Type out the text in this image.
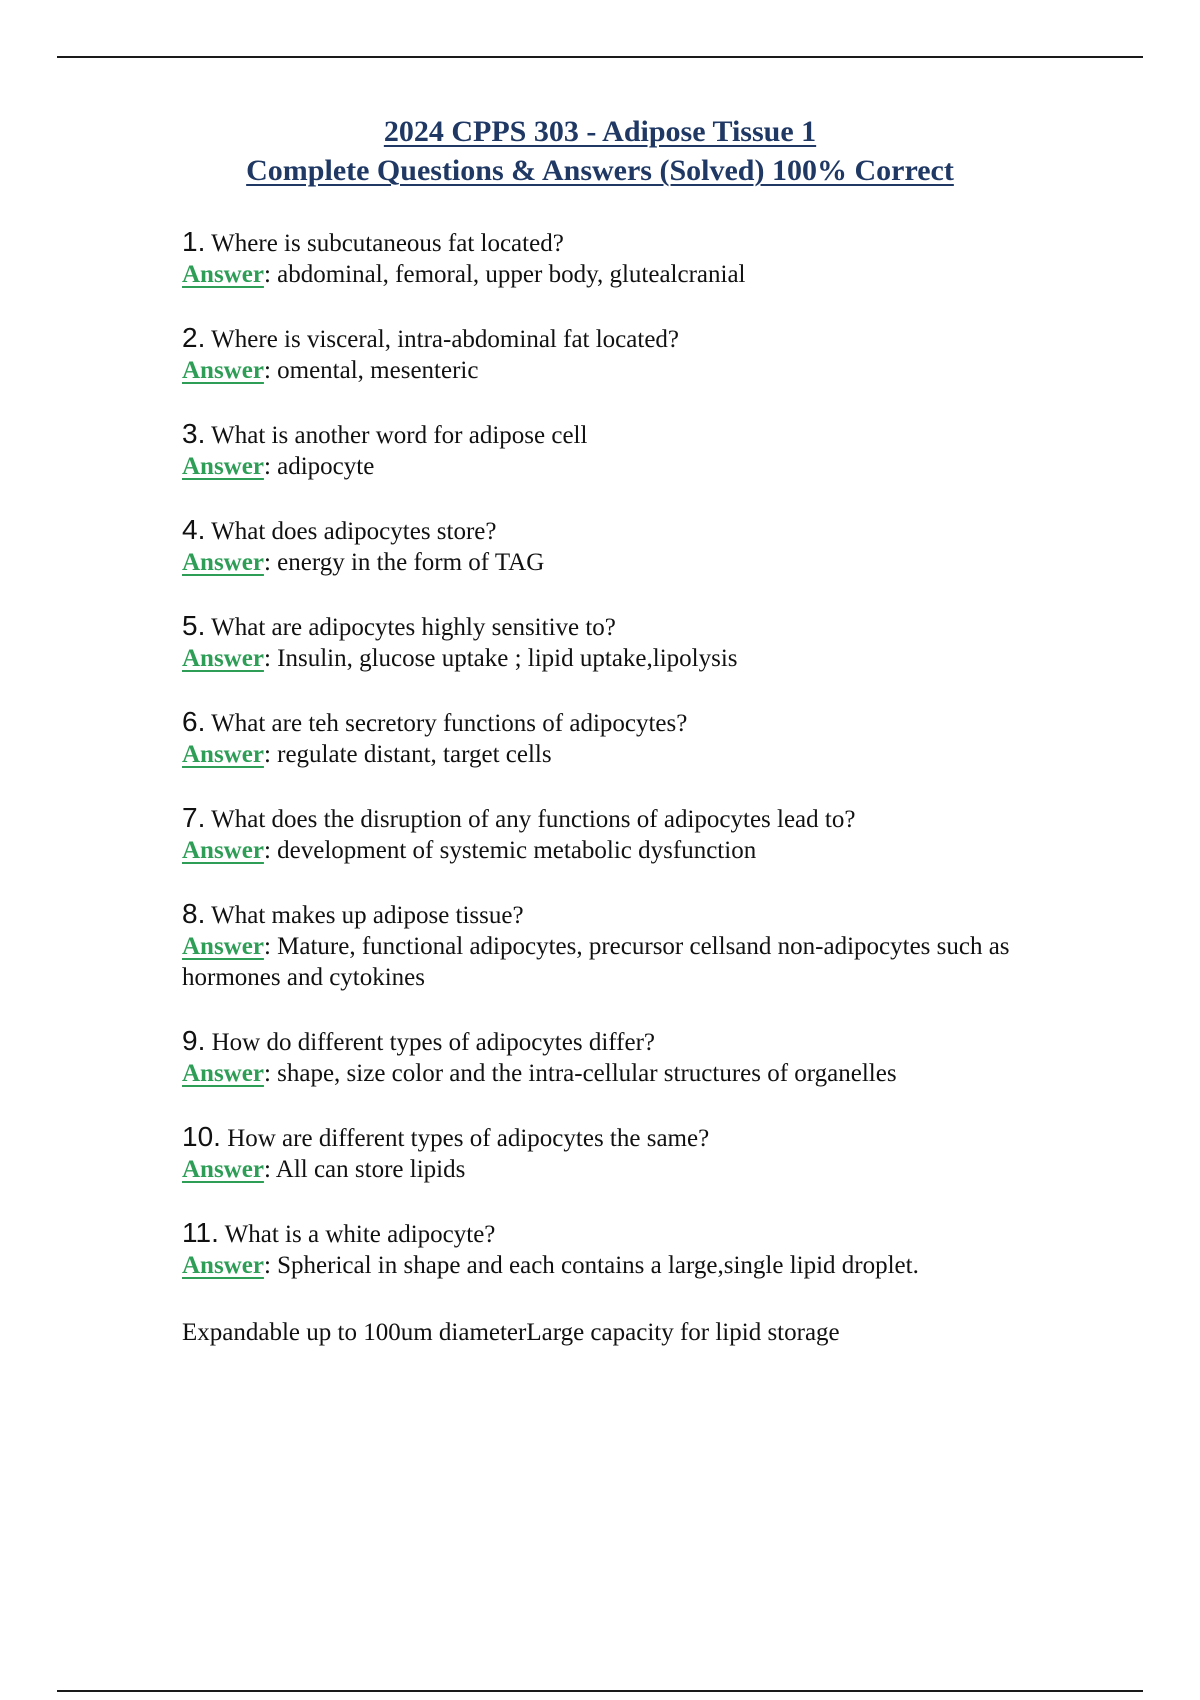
2024 CPPS 303 - Adipose Tissue 1
Complete Questions & Answers (Solved) 100% Correct
1. Where is subcutaneous fat located?
Answer: abdominal, femoral, upper body, glutealcranial
2. Where is visceral, intra-abdominal fat located?
Answer: omental, mesenteric
3. What is another word for adipose cell
Answer: adipocyte
4. What does adipocytes store?
Answer: energy in the form of TAG
5. What are adipocytes highly sensitive to?
Answer: Insulin, glucose uptake ; lipid uptake,lipolysis
6. What are teh secretory functions of adipocytes?
Answer: regulate distant, target cells
7. What does the disruption of any functions of adipocytes lead to?
Answer: development of systemic metabolic dysfunction
8. What makes up adipose tissue?
Answer: Mature, functional adipocytes, precursor cellsand non-adipocytes such as hormones and cytokines
9. How do different types of adipocytes differ?
Answer: shape, size color and the intra-cellular structures of organelles
10. How are different types of adipocytes the same?
Answer: All can store lipids
11. What is a white adipocyte?
Answer: Spherical in shape and each contains a large,single lipid droplet.
Expandable up to 100um diameterLarge capacity for lipid storage
